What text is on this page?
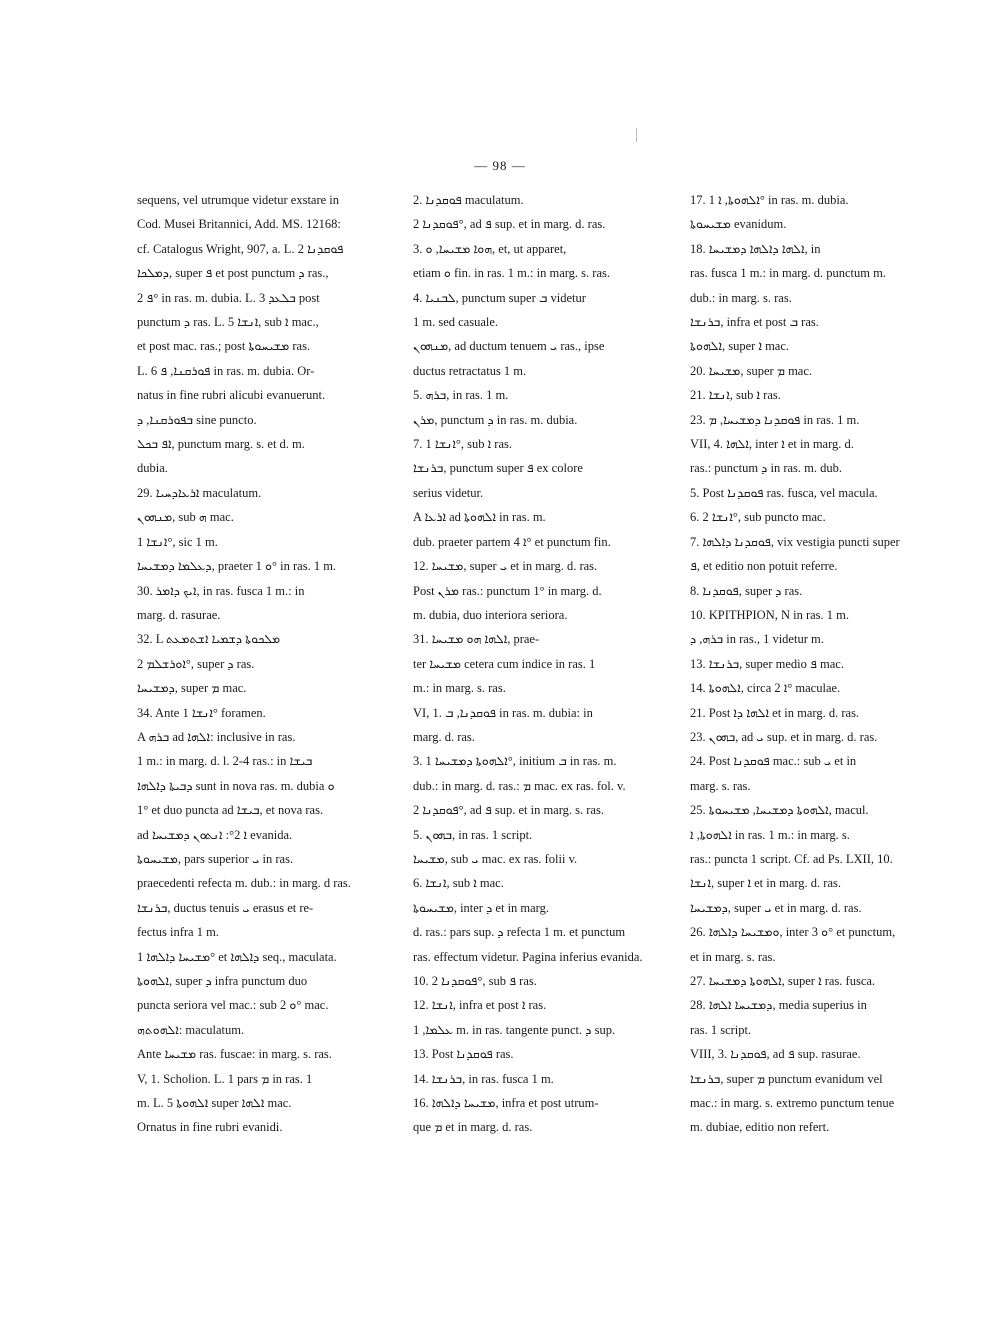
— 98 —
sequens, vel utrumque videtur exstare in
Cod. Musei Britannici, Add. MS. 12168:
cf. Catalogus Wright, 907, a. L. 2 ܦܘܩܕܢܐ
ܕܡܠܟܐ, super ܦ et post punctum ܕ ras.,
ܦ 2° in ras. m. dubia. L. 3 ܒܠܥܕ post
punctum ܕ ras. L. 5 ܐܢܫܐ, sub ܐ mac.,
et post mac. ras.; post ܡܫܝܚܘܬܐ ras.
L. 6 ܦܘܪܩܢܐ, ܦ in ras. m. dubia. Or-
natus in fine rubri alicubi evanuerunt.
ܒܦܘܪܩܢܐ, ܕ sine puncto.
ܐܦ ܒܟܠ, punctum marg. s. et d. m.
dubia.
29. ܐܪܥܐܕܚܝܐ maculatum.
ܡܢܗܘܢ, sub ܗ mac.
ܐܢܫܐ 1°, sic 1 m.
ܕܥܠܡܐ ܕܡܫܝܚܐ, praeter ܘ 1° in ras. 1 m.
30. ܐܝܟ ܕܐܡܪ, in ras. fusca 1 m.: in
marg. d. rasurae.
32. L ܡܠܟܘܬܐ ܕܫܡܝܐ ܐܫܬܡܥܬ
ܐܘܪܫܠܡ 2°, super ܕ ras.
ܕܡܫܝܚܐ, super ܡ mac.
34. Ante ܐܢܫܐ 1° foramen.
A ܒܪܗ ad ܐܠܗܐ: inclusive in ras.
1 m.: in marg. d. l. 2-4 ras.: in ܒܝܫܐ
ܕܒܝܬܐ ܕܐܠܗܐ sunt in nova ras. m. dubia ܘ
1° et duo puncta ad ܒܝܫܐ, et nova ras.
ad ܐ 2°: ܐܢܬܘܢ ܕܡܫܝܚܐ evanida.
ܡܫܝܚܘܬܐ, pars superior ܝ in ras.
praecedenti refecta m. dub.: in marg. d ras.
ܒܪܢܫܐ, ductus tenuis ܝ erasus et re-
fectus infra 1 m.
ܡܫܝܚܐ ܕܐܠܗܐ 1° et ܕܐܠܗܐ seq., maculata.
ܐܠܗܘܬܐ, super ܕ infra punctum duo
puncta seriora vel mac.: sub ܘ 2° mac.
ܐܠܗܘܬܗ: maculatum.
Ante ܡܫܝܚܐ ras. fuscae: in marg. s. ras.
V, 1. Scholion. L. 1 pars ܡ in ras. 1
m. L. 5 ܐܠܗܘܬܐ super ܐܠܗܐ mac.
Ornatus in fine rubri evanidi.
2. ܦܘܩܕܢܐ maculatum.
ܦܘܩܕܢܐ 2°, ad ܦ sup. et in marg. d. ras.
3. ܗܘܐ ܡܫܝܚܐ, ܘ, et, ut apparet,
etiam ܘ fin. in ras. 1 m.: in marg. s. ras.
4. ܠܒܢܝܐ, punctum super ܒ videtur
1 m. sed casuale.
ܡܢܗܘܢ, ad ductum tenuem ܝ ras., ipse
ductus retractatus 1 m.
5. ܒܪܗ, in ras. 1 m.
ܡܪܢ, punctum ܕ in ras. m. dubia.
7. ܐܢܫܐ 1°, sub ܐ ras.
ܒܪܢܫܐ, punctum super ܦ ex colore
serius videtur.
A ܐܪܥܐ ad ܐܠܗܘܬܐ in ras. m.
dub. praeter partem ܐ 4° et punctum fin.
12. ܡܫܝܚܐ, super ܝ et in marg. d. ras.
Post ܡܪܢ ras.: punctum 1° in marg. d.
m. dubia, duo interiora seriora.
31. ܐܠܗܐ ܗܘ ܡܫܝܚܐ, prae-
ter ܡܫܝܚܐ cetera cum indice in ras. 1
m.: in marg. s. ras.
VI, 1. ܦܘܩܕܢܐ, ܒ in ras. m. dubia: in
marg. d. ras.
3. ܐܠܗܘܬܐ ܕܡܫܝܚܐ 1°, initium ܒ in ras. m.
dub.: in marg. d. ras.: ܡ mac. ex ras. fol. v.
ܦܘܩܕܢܐ 2°, ad ܦ sup. et in marg. s. ras.
5. ܒܗܘܢ, in ras. 1 script.
ܡܫܝܚܐ, sub ܝ mac. ex ras. folii v.
6. ܐܢܫܐ, sub ܐ mac.
ܡܫܝܚܘܬܐ, inter ܕ et in marg.
d. ras.: pars sup. ܕ refecta 1 m. et punctum
ras. effectum videtur. Pagina inferius evanida.
10. ܦܘܩܕܢܐ 2°, sub ܦ ras.
12. ܐܢܫܐ, infra et post ܐ ras.
ܥܠܡܐ, 1 m. in ras. tangente punct. ܕ sup.
13. Post ܦܘܩܕܢܐ ras.
14. ܒܪܢܫܐ, in ras. fusca 1 m.
16. ܡܫܝܚܐ ܕܐܠܗܐ, infra et post utrum-
que ܡ et in marg. d. ras.
17. ܐܠܗܘܬܐ, ܐ 1° in ras. m. dubia.
ܡܫܝܚܘܬܐ evanidum.
18. ܐܠܗܐ ܕܐܠܗܐ ܕܡܫܝܚܐ, in
ras. fusca 1 m.: in marg. d. punctum m.
dub.: in marg. s. ras.
ܒܪܢܫܐ, infra et post ܒ ras.
ܐܠܗܘܬܐ, super ܐ mac.
20. ܡܫܝܚܐ, super ܡ mac.
21. ܐܢܫܐ, sub ܐ ras.
23. ܦܘܩܕܢܐ ܕܡܫܝܚܐ, ܡ in ras. 1 m.
VII, 4. ܐܠܗܐ, inter ܐ et in marg. d.
ras.: punctum ܕ in ras. m. dub.
5. Post ܦܘܩܕܢܐ ras. fusca, vel macula.
6. ܐܢܫܐ 2°, sub puncto mac.
7. ܦܘܩܕܢܐ ܕܐܠܗܐ, vix vestigia puncti super
ܦ, et editio non potuit referre.
8. ܦܘܩܕܢܐ, super ܕ ras.
10. ΚΡΙΤΗΡΙΟΝ, N in ras. 1 m.
ܒܪܗ, ܕ in ras., 1 videtur m.
13. ܒܪܢܫܐ, super medio ܦ mac.
14. ܐܠܗܘܬܐ, circa ܐ 2° maculae.
21. Post ܐܠܗܐ ܕܐ et in marg. d. ras.
23. ܒܗܘܢ, ad ܝ sup. et in marg. d. ras.
24. Post ܦܘܩܕܢܐ mac.: sub ܝ et in
marg. s. ras.
25. ܐܠܗܘܬܐ ܕܡܫܝܚܐ, ܡܫܝܚܘܬܐ, macul.
ܐܠܗܘܬܐ, ܐ in ras. 1 m.: in marg. s.
ras.: puncta 1 script. Cf. ad Ps. LXII, 10.
ܐܢܫܐ, super ܐ et in marg. d. ras.
ܕܡܫܝܚܐ, super ܝ et in marg. d. ras.
26. ܘܡܫܝܚܐ ܕܐܠܗܐ, inter ܘ 3° et punctum,
et in marg. s. ras.
27. ܐܠܗܘܬܐ ܕܡܫܝܚܐ, super ܐ ras. fusca.
28. ܕܡܫܝܚܐ ܐܠܗܐ, media superius in
ras. 1 script.
VIII, 3. ܦܘܩܕܢܐ, ad ܦ sup. rasurae.
ܒܪܢܫܐ, super ܡ punctum evanidum vel
mac.: in marg. s. extremo punctum tenue
m. dubiae, editio non refert.
